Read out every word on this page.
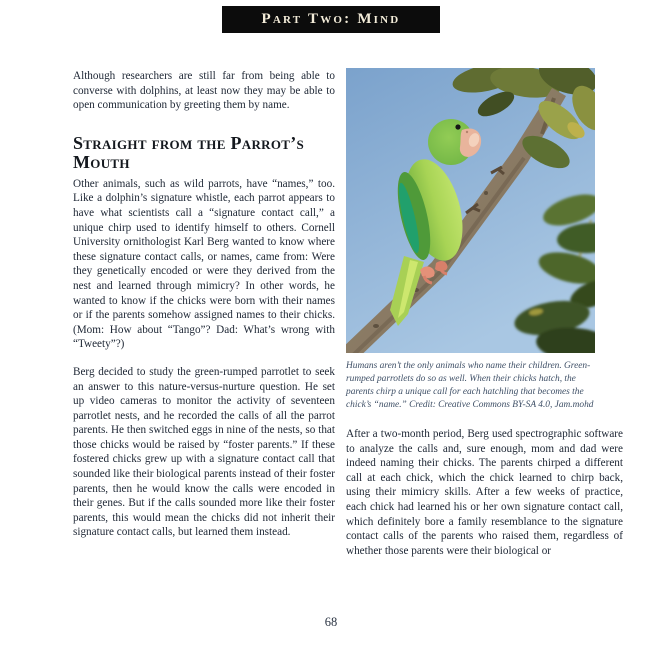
Part Two: Mind

Although researchers are still far from being able to converse with dolphins, at least now they may be able to open communication by greeting them by name.

Straight from the Parrot’s Mouth

Other animals, such as wild parrots, have “names,” too. Like a dolphin’s signature whistle, each parrot appears to have what scientists call a “signature contact call,” a unique chirp used to identify himself to others. Cornell University ornithologist Karl Berg wanted to know where these signature contact calls, or names, came from: Were they genetically encoded or were they derived from the nest and learned through mimicry? In other words, he wanted to know if the chicks were born with their names or if the parents somehow assigned names to their chicks. (Mom: How about “Tango”? Dad: What’s wrong with “Tweety”?)

Berg decided to study the green-rumped parrotlet to seek an answer to this nature-versus-nurture question. He set up video cameras to monitor the activity of seventeen parrotlet nests, and he recorded the calls of all the parrot parents. He then switched eggs in nine of the nests, so that those chicks would be raised by “foster parents.” If these fostered chicks grew up with a signature contact call that sounded like their biological parents instead of their foster parents, then he would know the calls were encoded in their genes. But if the calls sounded more like their foster parents, this would mean the chicks did not inherit their signature contact calls, but learned them instead.

Humans aren’t the only animals who name their children. Green-rumped parrotlets do so as well. When their chicks hatch, the parents chirp a unique call for each hatchling that becomes the chick’s “name.” Credit: Creative Commons BY-SA 4.0, Jam.mohd

After a two-month period, Berg used spectrographic software to analyze the calls and, sure enough, mom and dad were indeed naming their chicks. The parents chirped a different call at each chick, which the chick learned to chirp back, using their mimicry skills. After a few weeks of practice, each chick had learned his or her own signature contact call, which definitely bore a family resemblance to the signature contact calls of the parents who raised them, regardless of whether those parents were their biological or

68
